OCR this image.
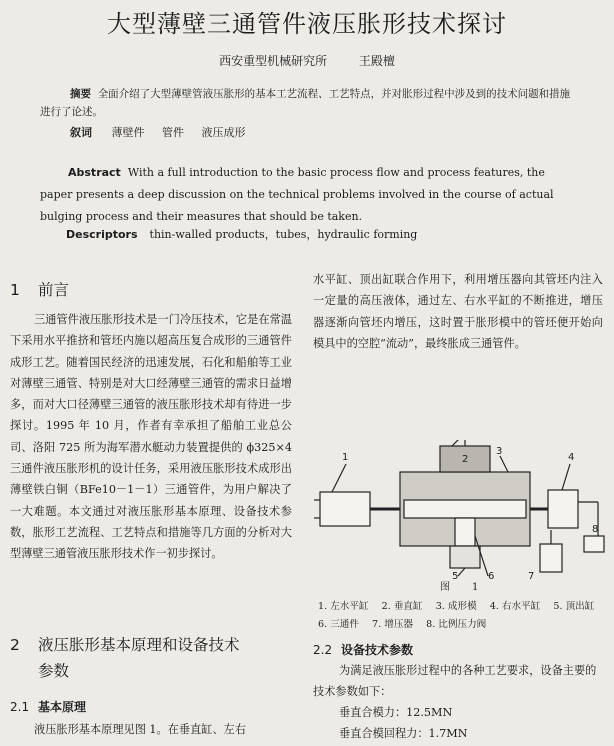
大型薄壁三通管件液压胀形技术探讨
西安重型机械研究所	王殿檀
摘要 全面介绍了大型薄壁管液压胀形的基本工艺流程、工艺特点，并对胀形过程中涉及到的技术问题和措施进行了论述。
叙词 薄壁件 管件 液压成形
Abstract With a full introduction to the basic process flow and process features, the paper presents a deep discussion on the technical problems involved in the course of actual bulging process and their measures that should be taken.
Descriptors thin-walled products，tubes，hydraulic forming
1 前言
三通管件液压胀形技术是一门冷压技术，它是在常温下采用水平推挤和管坯内施以超高压复合成形的三通管件成形工艺。随着国民经济的迅速发展，石化和船舶等工业对薄壁三通管、特别是对大口经薄壁三通管的需求日益增多，而对大口径薄壁三通管的液压胀形技术却有待进一步探讨。1995 年 10 月，作者有幸承担了船舶工业总公司、洛阳 725 所为海军潜水艇动力装置提供的 ϕ325×4 三通件液压胀形机的设计任务，采用液压胀形技术成形出薄壁铁白铜（BFe10－1－1）三通管件，为用户解决了一大难题。本文通过对液压胀形基本原理、设备技术参数，胀形工艺流程、工艺特点和措施等几方面的分析对大型薄壁三通管液压胀形技术作一初步探讨。
2 液压胀形基本原理和设备技术
参数
2.1 基本原理
液压胀形基本原理见图 1。在垂直缸、左右
水平缸、顶出缸联合作用下，利用增压器向其管坯内注入一定量的高压液体，通过左、右水平缸的不断推进，增压器逐渐向管坯内增压，这时置于胀形模中的管坯便开始向模具中的空腔“流动”，最终胀成三通管件。
1	2
3
4
5	6	7
8
图　1
1. 左水平缸 2. 垂直缸 3. 成形模 4. 右水平缸 5. 顶出缸 6. 三通件 7. 增压器 8. 比例压力阀
2.2 设备技术参数
为满足液压胀形过程中的各种工艺要求，设备主要的技术参数如下：
垂直合模力：12.5MN
垂直合模回程力：1.7MN
